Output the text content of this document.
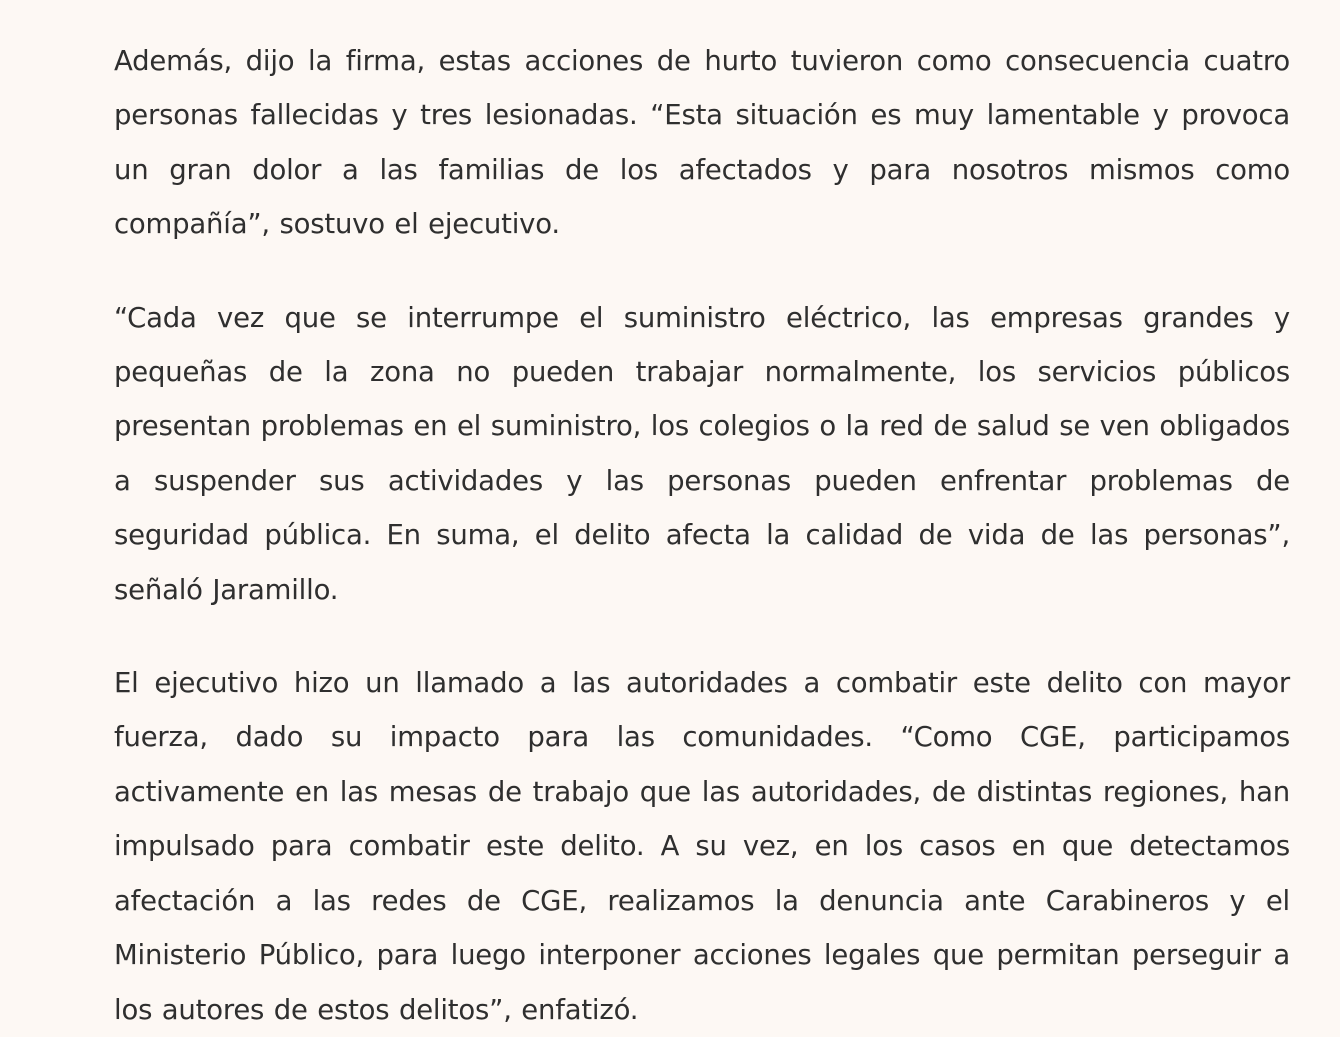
Además, dijo la firma, estas acciones de hurto tuvieron como consecuencia cuatro personas fallecidas y tres lesionadas. “Esta situación es muy lamentable y provoca un gran dolor a las familias de los afectados y para nosotros mismos como compañía”, sostuvo el ejecutivo.

“Cada vez que se interrumpe el suministro eléctrico, las empresas grandes y pequeñas de la zona no pueden trabajar normalmente, los servicios públicos presentan problemas en el suministro, los colegios o la red de salud se ven obligados a suspender sus actividades y las personas pueden enfrentar problemas de seguridad pública. En suma, el delito afecta la calidad de vida de las personas”, señaló Jaramillo.

El ejecutivo hizo un llamado a las autoridades a combatir este delito con mayor fuerza, dado su impacto para las comunidades. “Como CGE, participamos activamente en las mesas de trabajo que las autoridades, de distintas regiones, han impulsado para combatir este delito. A su vez, en los casos en que detectamos afectación a las redes de CGE, realizamos la denuncia ante Carabineros y el Ministerio Público, para luego interponer acciones legales que permitan perseguir a los autores de estos delitos”, enfatizó.
